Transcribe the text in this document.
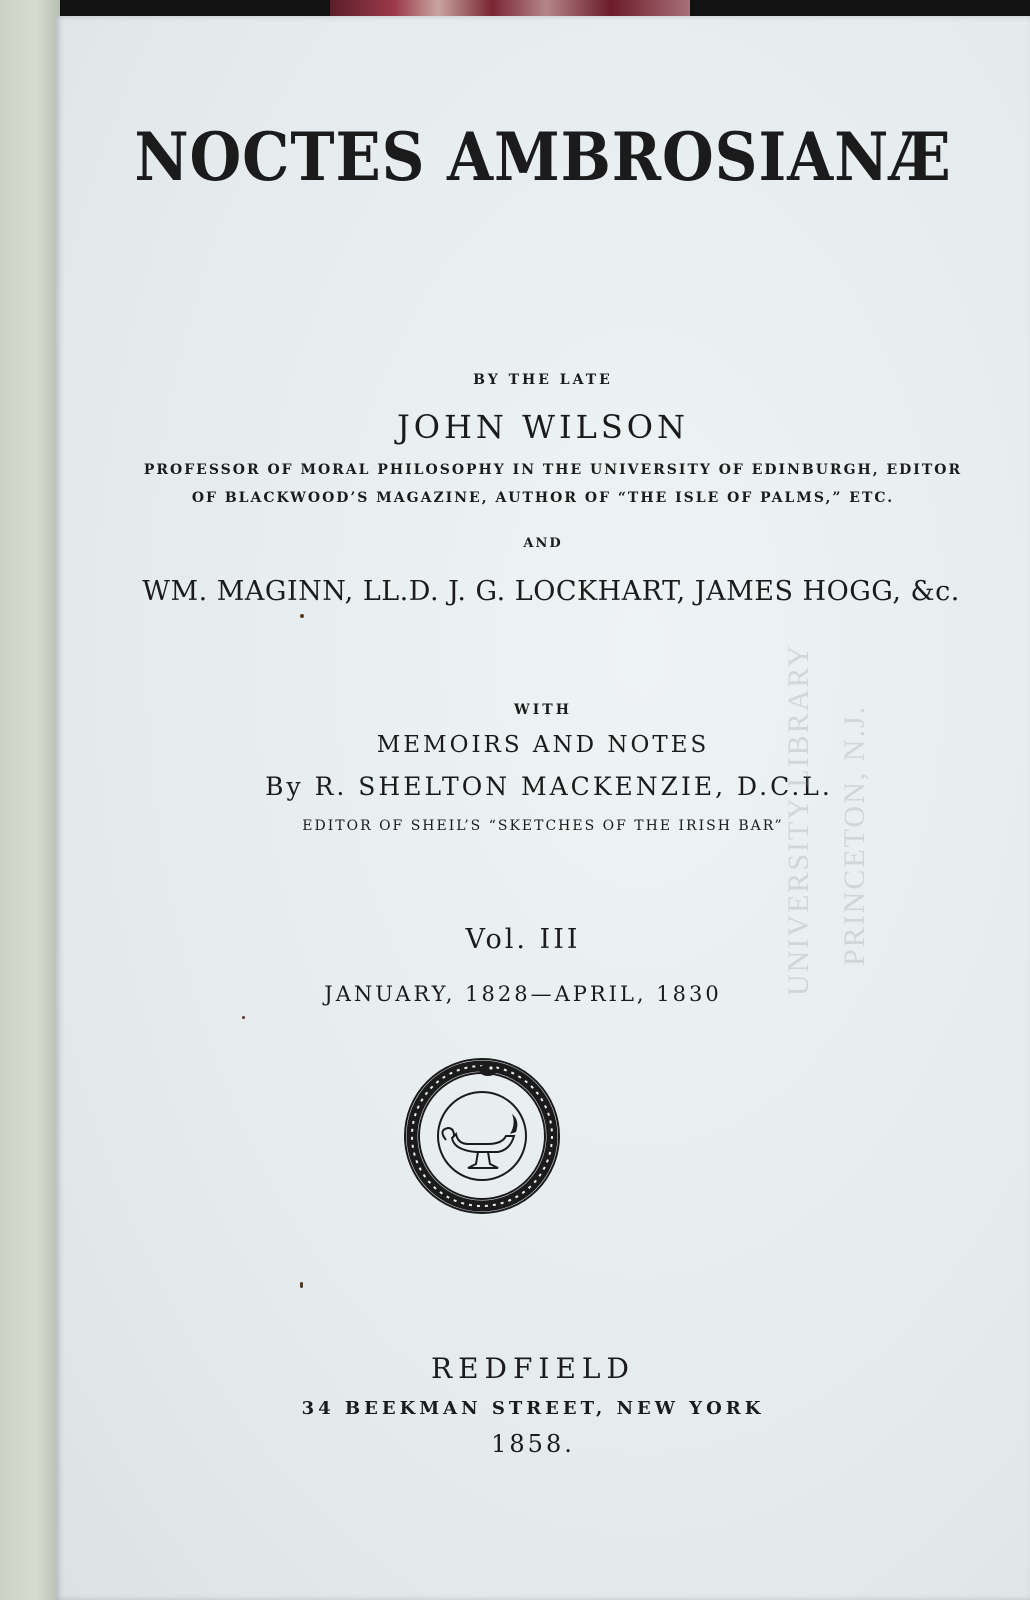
NOCTES AMBROSIANÆ
BY THE LATE
JOHN WILSON
PROFESSOR OF MORAL PHILOSOPHY IN THE UNIVERSITY OF EDINBURGH, EDITOR
OF BLACKWOOD’S MAGAZINE, AUTHOR OF “THE ISLE OF PALMS,” ETC.
AND
WM. MAGINN, LL.D. J. G. LOCKHART, JAMES HOGG, &c.
WITH
MEMOIRS AND NOTES
By R. SHELTON MACKENZIE, D.C.L.
EDITOR OF SHEIL’S “SKETCHES OF THE IRISH BAR”
Vol. III
JANUARY, 1828—APRIL, 1830	UNIVERSITY LIBRARY PRINCETON, N.J.
REDFIELD
34 BEEKMAN STREET, NEW YORK
1858.
